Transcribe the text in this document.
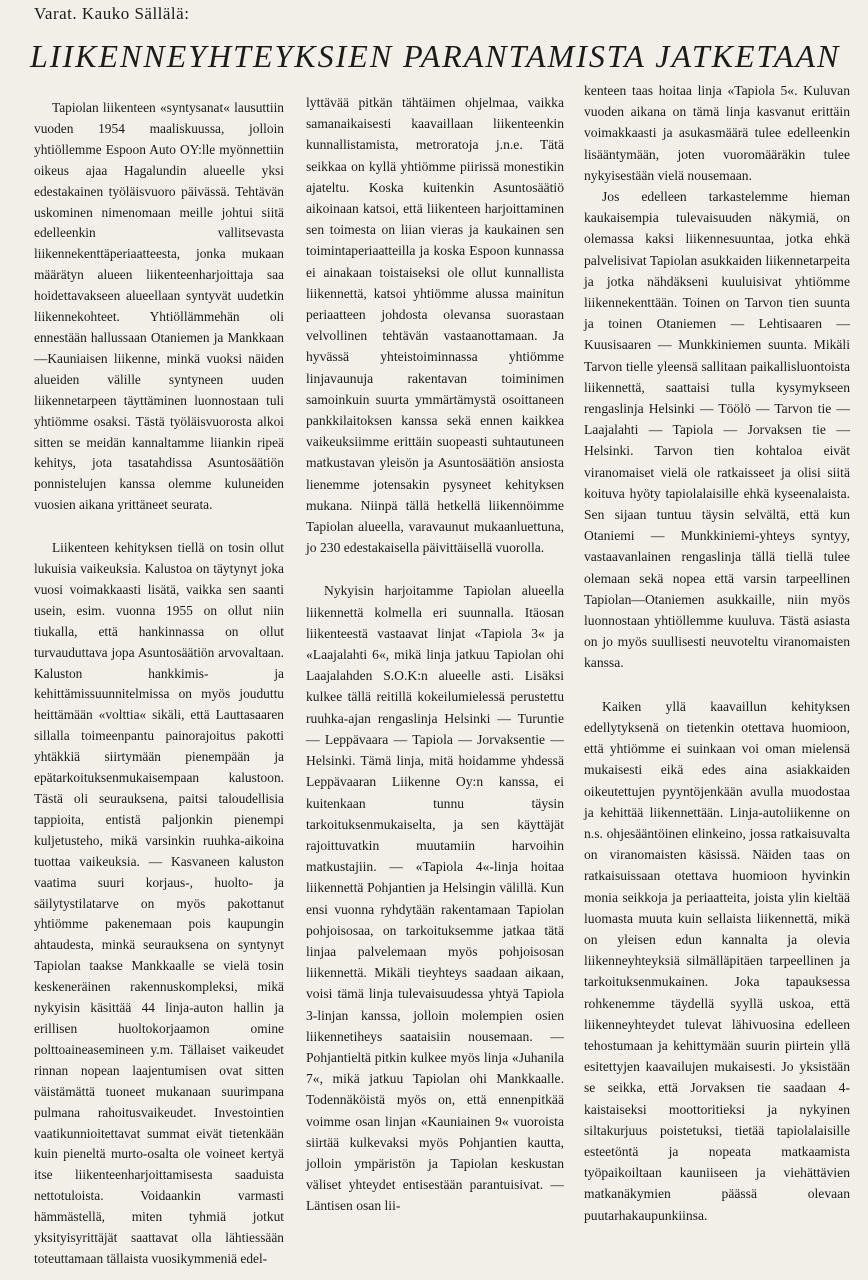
Varat. Kauko Sällälä:
LIIKENNEYHTEYKSIEN PARANTAMISTA JATKETAAN

Tapiolan liikenteen «syntysanat« lausuttiin vuoden 1954 maaliskuussa, jolloin yhtiöllemme Espoon Auto OY:lle myönnettiin oikeus ajaa Hagalundin alueelle yksi edestakainen työläisvuoro päivässä. Tehtävän uskominen nimenomaan meille johtui siitä edelleenkin vallitsevasta liikennekenttäperiaatteesta, jonka mukaan määrätyn alueen liikenteenharjoittaja saa hoidettavakseen alueellaan syntyvät uudetkin liikennekohteet. Yhtiöllämmehän oli ennestään hallussaan Otaniemen ja Mankkaan—Kauniaisen liikenne, minkä vuoksi näiden alueiden välille syntyneen uuden liikennetarpeen täyttäminen luonnostaan tuli yhtiömme osaksi. Tästä työläisvuorosta alkoi sitten se meidän kannaltamme liiankin ripeä kehitys, jota tasatahdissa Asuntosäätiön ponnistelujen kanssa olemme kuluneiden vuosien aikana yrittäneet seurata.

Liikenteen kehityksen tiellä on tosin ollut lukuisia vaikeuksia. Kalustoa on täytynyt joka vuosi voimakkaasti lisätä, vaikka sen saanti usein, esim. vuonna 1955 on ollut niin tiukalla, että hankinnassa on ollut turvauduttava jopa Asuntosäätiön arvovaltaan. Kaluston hankkimis- ja kehittämissuunnitelmissa on myös jouduttu heittämään «volttia« sikäli, että Lauttasaaren sillalla toimeenpantu painorajoitus pakotti yhtäkkiä siirtymään pienempään ja epätarkoituksenmukaisempaan kalustoon. Tästä oli seurauksena, paitsi taloudellisia tappioita, entistä paljonkin pienempi kuljetusteho, mikä varsinkin ruuhka-aikoina tuottaa vaikeuksia. — Kasvaneen kaluston vaatima suuri korjaus-, huolto- ja säilytystilatarve on myös pakottanut yhtiömme pakenemaan pois kaupungin ahtaudesta, minkä seurauksena on syntynyt Tapiolan taakse Mankkaalle se vielä tosin keskeneräinen rakennuskompleksi, mikä nykyisin käsittää 44 linja-auton hallin ja erillisen huoltokorjaamon omine polttoaineasemineen y.m. Tällaiset vaikeudet rinnan nopean laajentumisen ovat sitten väistämättä tuoneet mukanaan suurimpana pulmana rahoitusvaikeudet. Investointien vaatikunnioitettavat summat eivät tietenkään kuin pieneltä murto-osalta ole voineet kertyä itse liikenteenharjoittamisesta saaduista nettotuloista. Voidaankin varmasti hämmästellä, miten tyhmiä jotkut yksityisyrittäjät saattavat olla lähtiessään toteuttamaan tällaista vuosikymmeniä edel-

lyttävää pitkän tähtäimen ohjelmaa, vaikka samanaikaisesti kaavaillaan liikenteenkin kunnallistamista, metroratoja j.n.e. Tätä seikkaa on kyllä yhtiömme piirissä monestikin ajateltu. Koska kuitenkin Asuntosäätiö aikoinaan katsoi, että liikenteen harjoittaminen sen toimesta on liian vieras ja kaukainen sen toimintaperiaatteilla ja koska Espoon kunnassa ei ainakaan toistaiseksi ole ollut kunnallista liikennettä, katsoi yhtiömme alussa mainitun periaatteen johdosta olevansa suorastaan velvollinen tehtävän vastaanottamaan. Ja hyvässä yhteistoiminnassa yhtiömme linjavaunuja rakentavan toiminimen samoinkuin suurta ymmärtämystä osoittaneen pankkilaitoksen kanssa sekä ennen kaikkea vaikeuksiimme erittäin suopeasti suhtautuneen matkustavan yleisön ja Asuntosäätiön ansiosta lienemme jotensakin pysyneet kehityksen mukana. Niinpä tällä hetkellä liikennöimme Tapiolan alueella, varavaunut mukaanluettuna, jo 230 edestakaisella päivittäisellä vuorolla.

Nykyisin harjoitamme Tapiolan alueella liikennettä kolmella eri suunnalla. Itäosan liikenteestä vastaavat linjat «Tapiola 3« ja «Laajalahti 6«, mikä linja jatkuu Tapiolan ohi Laajalahden S.O.K:n alueelle asti. Lisäksi kulkee tällä reitillä kokeilumielessä perustettu ruuhka-ajan rengaslinja Helsinki — Turuntie — Leppävaara — Tapiola — Jorvaksentie — Helsinki. Tämä linja, mitä hoidamme yhdessä Leppävaaran Liikenne Oy:n kanssa, ei kuitenkaan tunnu täysin tarkoituksenmukaiselta, ja sen käyttäjät rajoittuvatkin muutamiin harvoihin matkustajiin. — «Tapiola 4«-linja hoitaa liikennettä Pohjantien ja Helsingin välillä. Kun ensi vuonna ryhdytään rakentamaan Tapiolan pohjoisosaa, on tarkoituksemme jatkaa tätä linjaa palvelemaan myös pohjoisosan liikennettä. Mikäli tieyhteys saadaan aikaan, voisi tämä linja tulevaisuudessa yhtyä Tapiola 3-linjan kanssa, jolloin molempien osien liikennetiheys saataisiin nousemaan. — Pohjantieltä pitkin kulkee myös linja «Juhanila 7«, mikä jatkuu Tapiolan ohi Mankkaalle. Todennäköistä myös on, että ennenpitkää voimme osan linjan «Kauniainen 9« vuoroista siirtää kulkevaksi myös Pohjantien kautta, jolloin ympäristön ja Tapiolan keskustan väliset yhteydet entisestään parantuisivat. — Läntisen osan lii-

kenteen taas hoitaa linja «Tapiola 5«. Kuluvan vuoden aikana on tämä linja kasvanut erittäin voimakkaasti ja asukasmäärä tulee edelleenkin lisääntymään, joten vuoromääräkin tulee nykyisestään vielä nousemaan.

Jos edelleen tarkastelemme hieman kaukaisempia tulevaisuuden näkymiä, on olemassa kaksi liikennesuuntaa, jotka ehkä palvelisivat Tapiolan asukkaiden liikennetarpeita ja jotka nähdäkseni kuuluisivat yhtiömme liikennekenttään. Toinen on Tarvon tien suunta ja toinen Otaniemen — Lehtisaaren — Kuusisaaren — Munkkiniemen suunta. Mikäli Tarvon tielle yleensä sallitaan paikallisluontoista liikennettä, saattaisi tulla kysymykseen rengaslinja Helsinki — Töölö — Tarvon tie — Laajalahti — Tapiola — Jorvaksen tie — Helsinki. Tarvon tien kohtaloa eivät viranomaiset vielä ole ratkaisseet ja olisi siitä koituva hyöty tapiolalaisille ehkä kyseenalaista. Sen sijaan tuntuu täysin selvältä, että kun Otaniemi — Munkkiniemi-yhteys syntyy, vastaavanlainen rengaslinja tällä tiellä tulee olemaan sekä nopea että varsin tarpeellinen Tapiolan—Otaniemen asukkaille, niin myös luonnostaan yhtiöllemme kuuluva. Tästä asiasta on jo myös suullisesti neuvoteltu viranomaisten kanssa.

Kaiken yllä kaavaillun kehityksen edellytyksenä on tietenkin otettava huomioon, että yhtiömme ei suinkaan voi oman mielensä mukaisesti eikä edes aina asiakkaiden oikeutettujen pyyntöjenkään avulla muodostaa ja kehittää liikennettään. Linja-autoliikenne on n.s. ohjesääntöinen elinkeino, jossa ratkaisuvalta on viranomaisten käsissä. Näiden taas on ratkaisuissaan otettava huomioon hyvinkin monia seikkoja ja periaatteita, joista ylin kieltää luomasta muuta kuin sellaista liikennettä, mikä on yleisen edun kannalta ja olevia liikenneyhteyksiä silmälläpitäen tarpeellinen ja tarkoituksenmukainen. Joka tapauksessa rohkenemme täydellä syyllä uskoa, että liikenneyhteydet tulevat lähivuosina edelleen tehostumaan ja kehittymään suurin piirtein yllä esitettyjen kaavailujen mukaisesti. Jo yksistään se seikka, että Jorvaksen tie saadaan 4-kaistaiseksi moottoritieksi ja nykyinen siltakurjuus poistetuksi, tietää tapiolalaisille esteetöntä ja nopeata matkaamista työpaikoiltaan kauniiseen ja viehättävien matkanäkymien päässä olevaan puutarhakaupunkiinsa.
